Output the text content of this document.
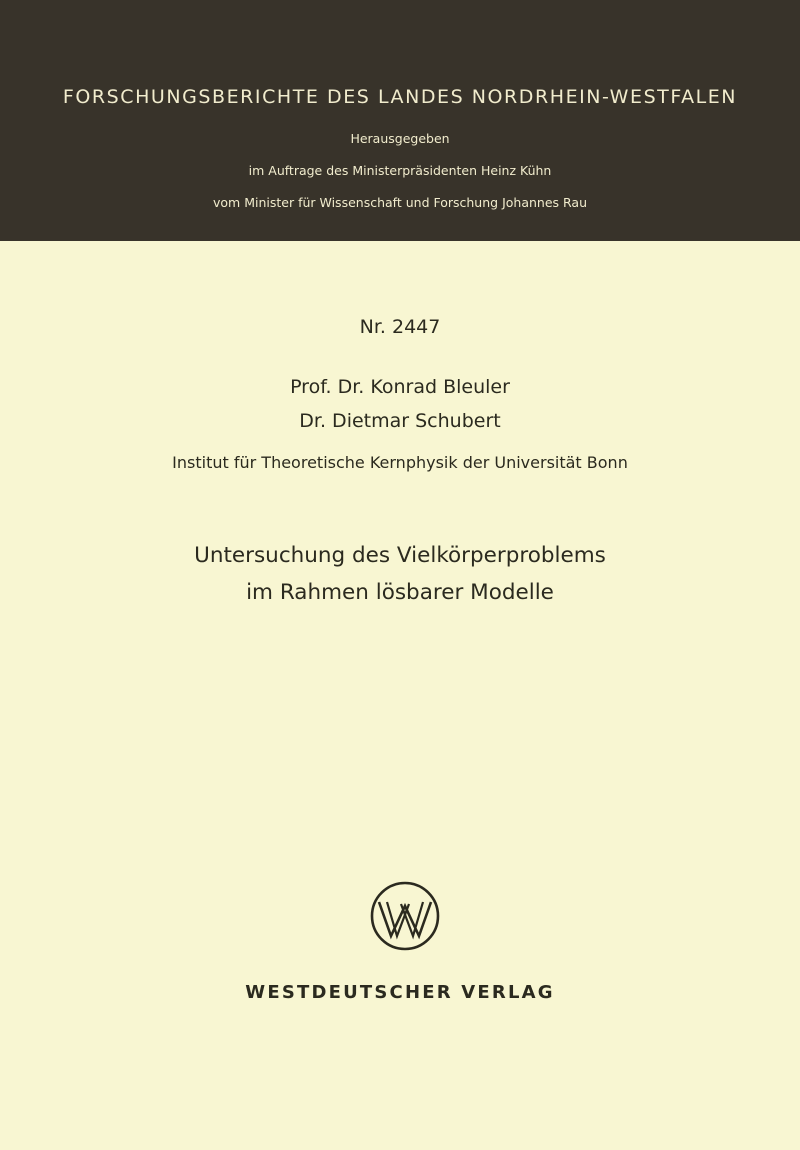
FORSCHUNGSBERICHTE DES LANDES NORDRHEIN-WESTFALEN
Herausgegeben
im Auftrage des Ministerpräsidenten Heinz Kühn
vom Minister für Wissenschaft und Forschung Johannes Rau
Nr. 2447
Prof. Dr. Konrad Bleuler
Dr. Dietmar Schubert
Institut für Theoretische Kernphysik der Universität Bonn
Untersuchung des Vielkörperproblems
im Rahmen lösbarer Modelle
WESTDEUTSCHER VERLAG
